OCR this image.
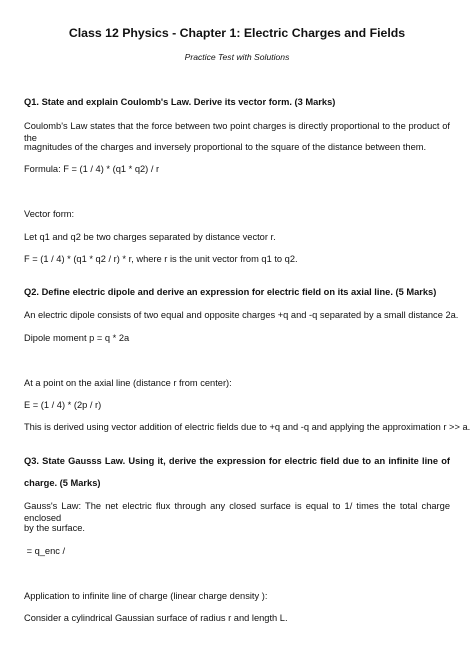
Class 12 Physics - Chapter 1: Electric Charges and Fields
Practice Test with Solutions
Q1. State and explain Coulomb's Law. Derive its vector form. (3 Marks)
Coulomb's Law states that the force between two point charges is directly proportional to the product of the
magnitudes of the charges and inversely proportional to the square of the distance between them.
Formula: F = (1 / 4) * (q1 * q2) / r
Vector form:
Let q1 and q2 be two charges separated by distance vector r.
F = (1 / 4) * (q1 * q2 / r) * r, where r is the unit vector from q1 to q2.
Q2. Define electric dipole and derive an expression for electric field on its axial line. (5 Marks)
An electric dipole consists of two equal and opposite charges +q and -q separated by a small distance 2a.
Dipole moment p = q * 2a
At a point on the axial line (distance r from center):
E = (1 / 4) * (2p / r)
This is derived using vector addition of electric fields due to +q and -q and applying the approximation r >> a.
Q3. State Gausss Law. Using it, derive the expression for electric field due to an infinite line of
charge. (5 Marks)
Gauss's Law: The net electric flux through any closed surface is equal to 1/ times the total charge enclosed
by the surface.
= q_enc /
Application to infinite line of charge (linear charge density ):
Consider a cylindrical Gaussian surface of radius r and length L.
